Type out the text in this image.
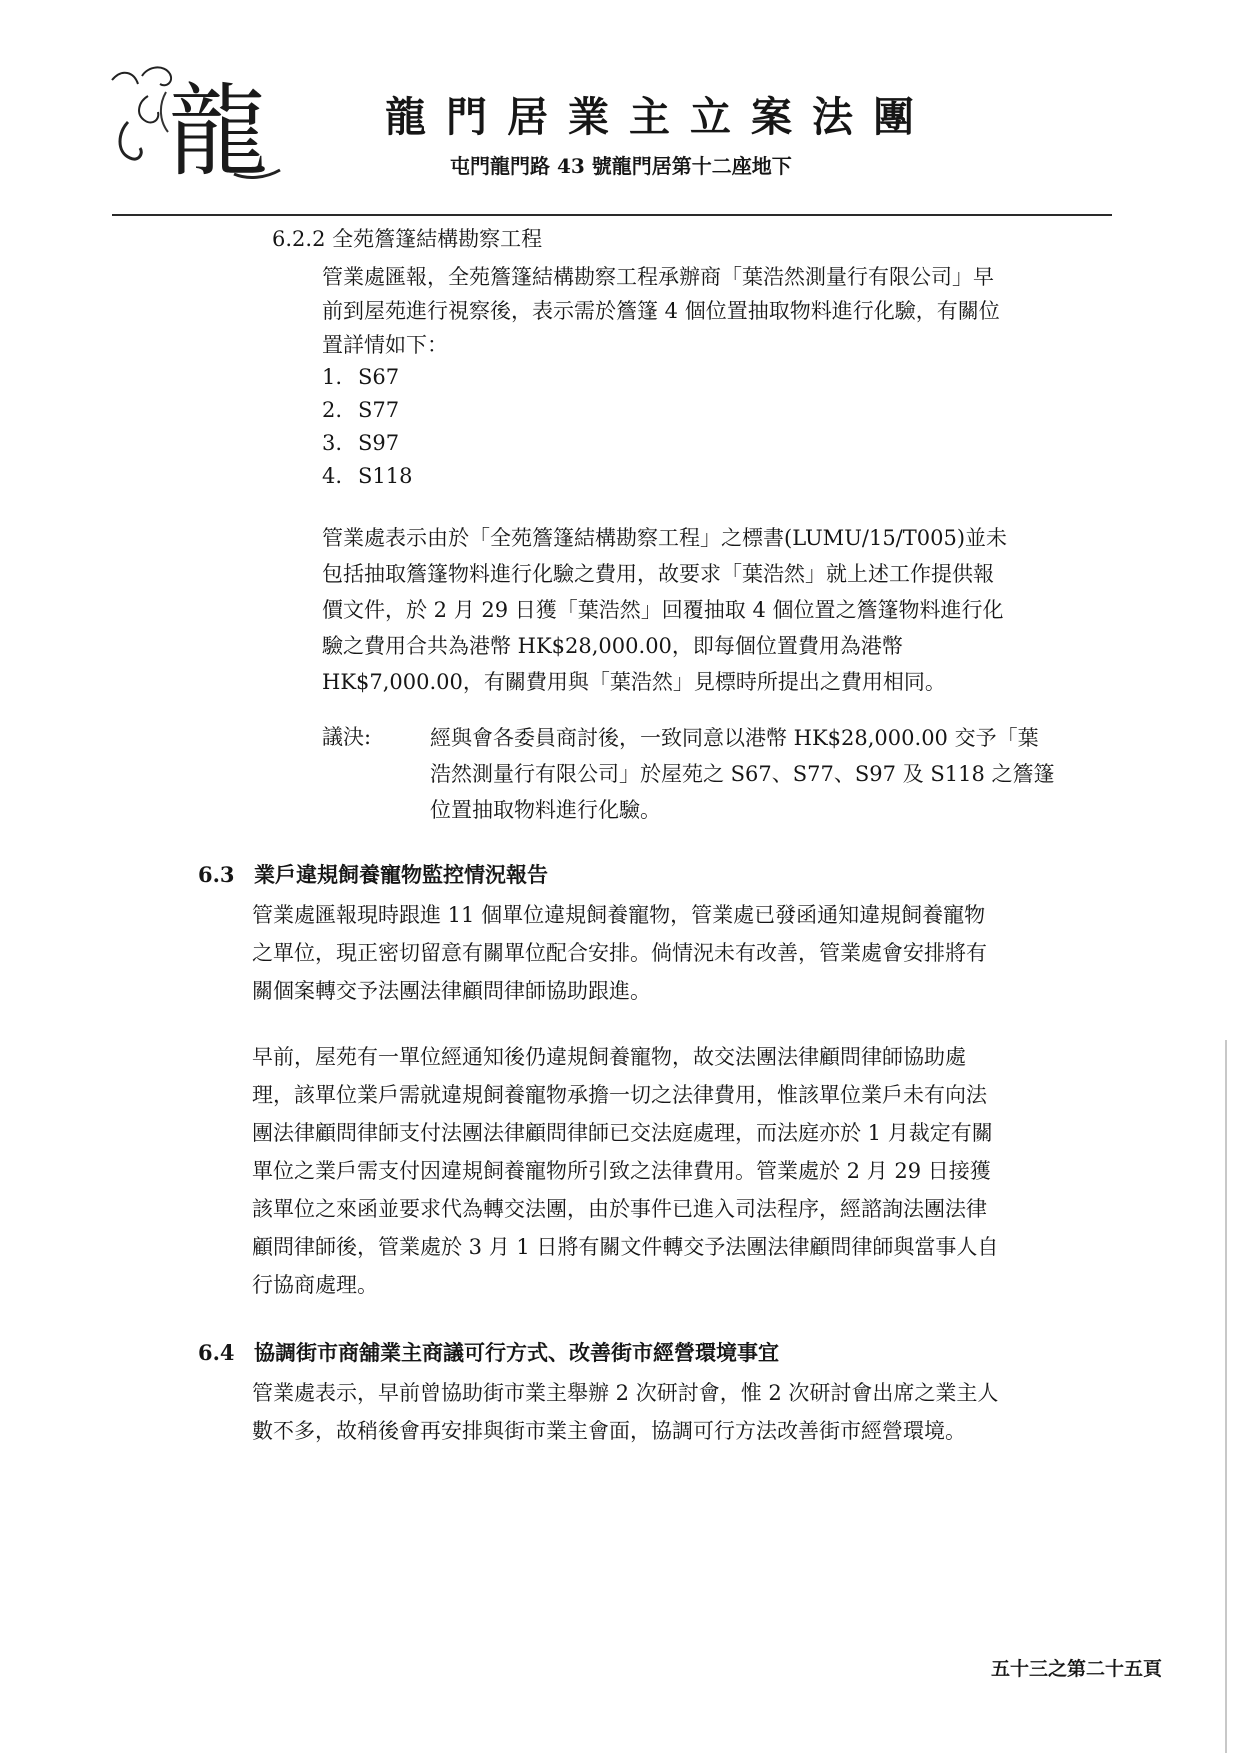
龍	龍門居業主立案法團
屯門龍門路 43 號龍門居第十二座地下
6.2.2 全苑簷篷結構勘察工程
管業處匯報，全苑簷篷結構勘察工程承辦商「葉浩然測量行有限公司」早
前到屋苑進行視察後，表示需於簷篷 4 個位置抽取物料進行化驗，有關位
置詳情如下：
1. S67
2. S77
3. S97
4. S118
管業處表示由於「全苑簷篷結構勘察工程」之標書(LUMU/15/T005)並未
包括抽取簷篷物料進行化驗之費用，故要求「葉浩然」就上述工作提供報
價文件，於 2 月 29 日獲「葉浩然」回覆抽取 4 個位置之簷篷物料進行化
驗之費用合共為港幣 HK$28,000.00，即每個位置費用為港幣
HK$7,000.00，有關費用與「葉浩然」見標時所提出之費用相同。
議決:	經與會各委員商討後，一致同意以港幣 HK$28,000.00 交予「葉
浩然測量行有限公司」於屋苑之 S67、S77、S97 及 S118 之簷篷
位置抽取物料進行化驗。
6.3 業戶違規飼養寵物監控情況報告
管業處匯報現時跟進 11 個單位違規飼養寵物，管業處已發函通知違規飼養寵物
之單位，現正密切留意有關單位配合安排。倘情況未有改善，管業處會安排將有
關個案轉交予法團法律顧問律師協助跟進。
早前，屋苑有一單位經通知後仍違規飼養寵物，故交法團法律顧問律師協助處
理，該單位業戶需就違規飼養寵物承擔一切之法律費用，惟該單位業戶未有向法
團法律顧問律師支付法團法律顧問律師已交法庭處理，而法庭亦於 1 月裁定有關
單位之業戶需支付因違規飼養寵物所引致之法律費用。管業處於 2 月 29 日接獲
該單位之來函並要求代為轉交法團，由於事件已進入司法程序，經諮詢法團法律
顧問律師後，管業處於 3 月 1 日將有關文件轉交予法團法律顧問律師與當事人自
行協商處理。
6.4 協調街市商舖業主商議可行方式、改善街市經營環境事宜
管業處表示，早前曾協助街市業主舉辦 2 次研討會，惟 2 次研討會出席之業主人
數不多，故稍後會再安排與街市業主會面，協調可行方法改善街市經營環境。
五十三之第二十五頁
